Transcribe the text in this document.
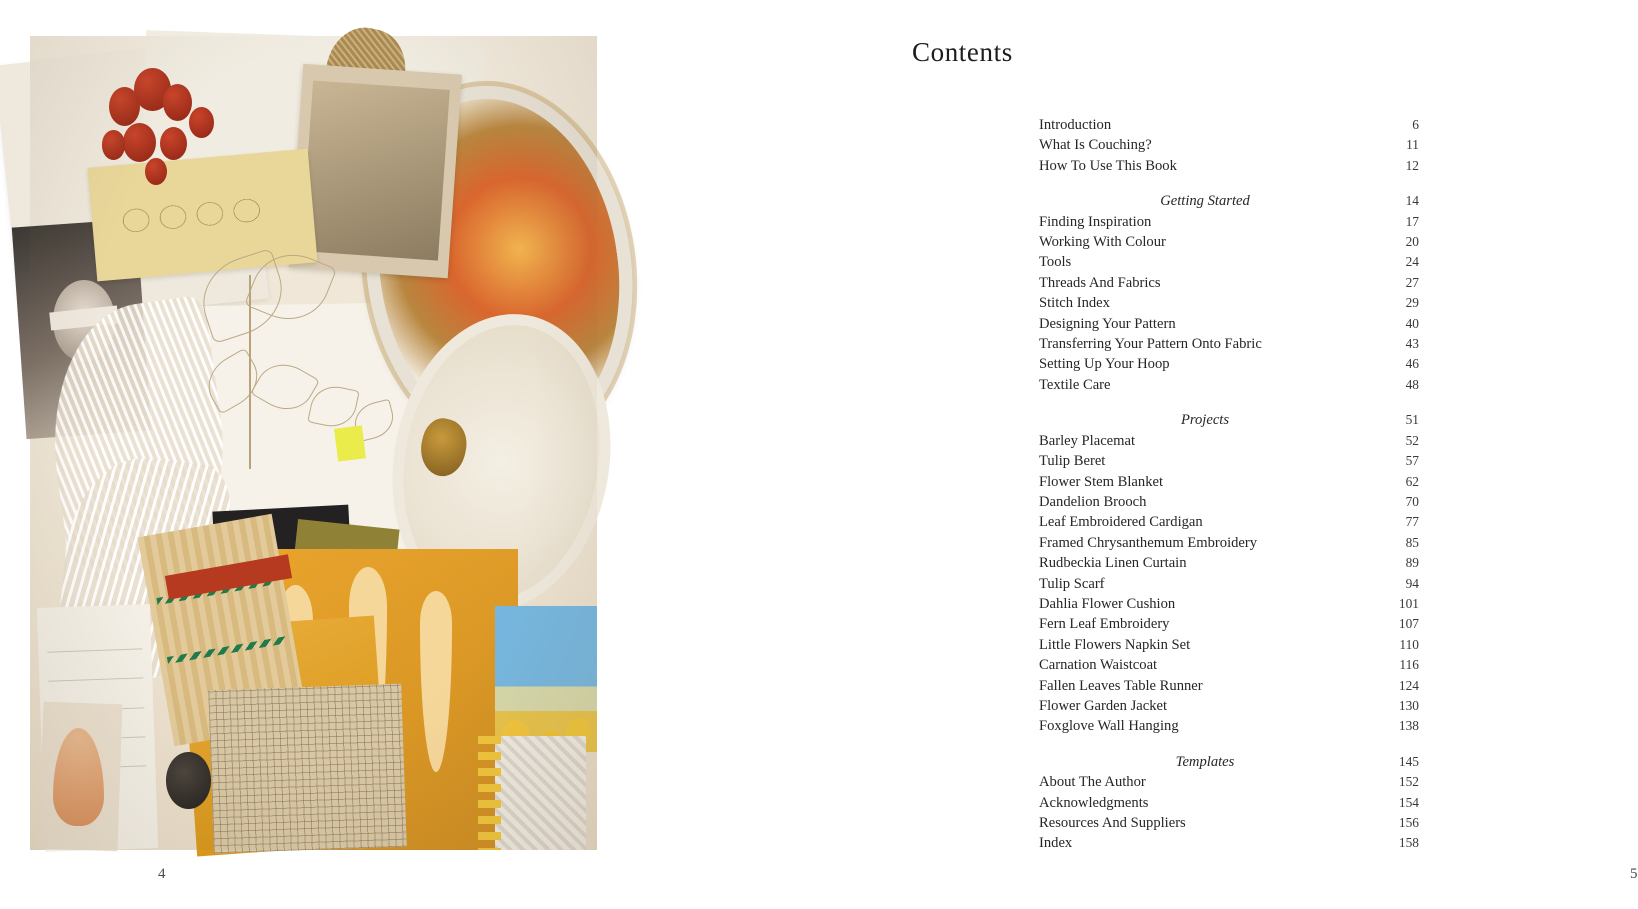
4
Contents
Introduction	6
What Is Couching?	11
How To Use This Book	12
Getting Started	14
Finding Inspiration	17
Working With Colour	20
Tools	24
Threads And Fabrics	27
Stitch Index	29
Designing Your Pattern	40
Transferring Your Pattern Onto Fabric	43
Setting Up Your Hoop	46
Textile Care	48
Projects	51
Barley Placemat	52
Tulip Beret	57
Flower Stem Blanket	62
Dandelion Brooch	70
Leaf Embroidered Cardigan	77
Framed Chrysanthemum Embroidery	85
Rudbeckia Linen Curtain	89
Tulip Scarf	94
Dahlia Flower Cushion	101
Fern Leaf Embroidery	107
Little Flowers Napkin Set	110
Carnation Waistcoat	116
Fallen Leaves Table Runner	124
Flower Garden Jacket	130
Foxglove Wall Hanging	138
Templates	145
About The Author	152
Acknowledgments	154
Resources And Suppliers	156
Index	158
5
